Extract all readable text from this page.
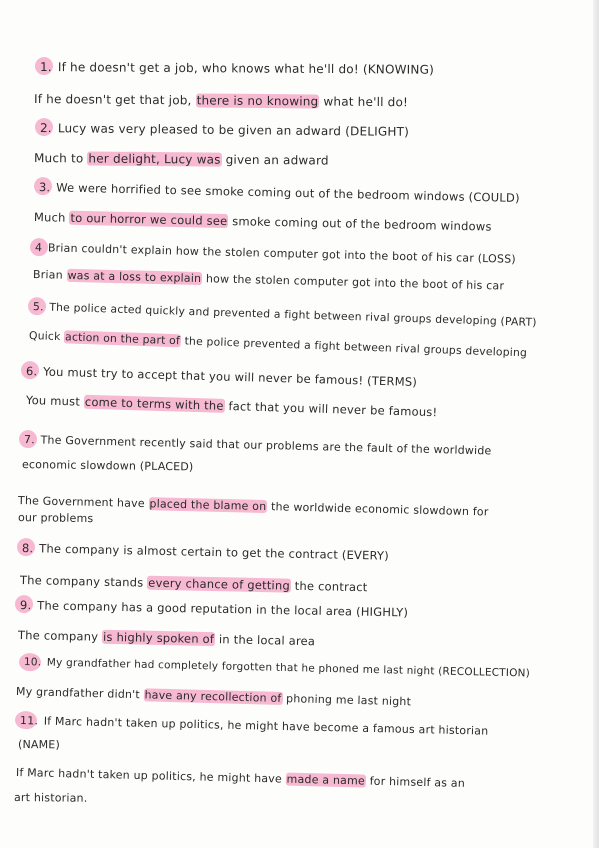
1. If he doesn't get a job, who knows what he'll do! (KNOWING)
If he doesn't get that job, there is no knowing what he'll do!
2. Lucy was very pleased to be given an adward (DELIGHT)
Much to her delight, Lucy was given an adward
3. We were horrified to see smoke coming out of the bedroom windows (COULD)
Much to our horror we could see smoke coming out of the bedroom windows
4 Brian couldn't explain how the stolen computer got into the boot of his car (LOSS)
Brian was at a loss to explain how the stolen computer got into the boot of his car
5. The police acted quickly and prevented a fight between rival groups developing (PART)
Quick action on the part of the police prevented a fight between rival groups developing
6. You must try to accept that you will never be famous! (TERMS)
You must come to terms with the fact that you will never be famous!
7. The Government recently said that our problems are the fault of the worldwide
economic slowdown (PLACED)
The Government have placed the blame on the worldwide economic slowdown for
our problems
8. The company is almost certain to get the contract (EVERY)
The company stands every chance of getting the contract
9. The company has a good reputation in the local area (HIGHLY)
The company is highly spoken of in the local area
10. My grandfather had completely forgotten that he phoned me last night (RECOLLECTION)
My grandfather didn't have any recollection of phoning me last night
11. If Marc hadn't taken up politics, he might have become a famous art historian
(NAME)
If Marc hadn't taken up politics, he might have made a name for himself as an
art historian.
